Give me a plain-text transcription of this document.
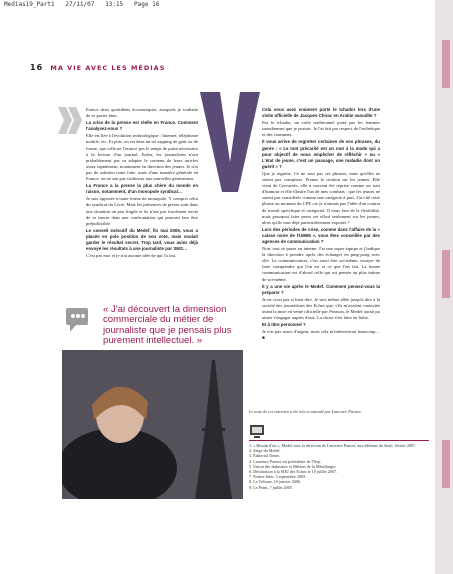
Medias19_Part1   27/11/07   13:15   Page 16
16 MA VIE AVEC LES MÉDIAS

France deux quotidiens économiques, auxquels je souhaite de se porter bien.

La crise de la presse est réelle en France. Comment l'analysez-vous ?

Elle est liée à l'évolution technologique : Internet, téléphonie mobile, etc. Et puis, on est dans un tel zapping de goût ou de forme, que celle ne l'avance pas le temps de puise nécessaire à la lecture d'un journal. Enfin, les journalistes n'ont probablement pas su adapter le contenu de leurs articles assez rapidement, notamment en direction des jeunes. Je n'ai pas de solution toute faite, mais d'une manière générale en France, on ne sait pas s'adresser aux nouvelles générations.

La France a la presse la plus chère du monde en raison, notamment, d'un monopole syndical…

Je suis opposée à toute forme de monopole. Y compris celui du syndicat du Livre. Mais les présences de presse sont dans une situation un peu fragile et ils n'ont pas forcément envie de se lancer dans une confrontation qui pourrait leur être préjudiciable.

Le conseil exécutif du Medef, fin mai 2005, vous a placée en pole position de son vote, mais voulait garder le résultat secret. Trop tard, vous aviez déjà envoyé les résultats à une journaliste par SMS…

C'est pas moi et je n'ai aucune idée de qui l'a fait.

Cela vous avez vraiment porté le tchador lors d'une visite officielle de Jacques Chirac en Arabie saoudite ?

Pas le tchador, un voile traditionnel porté par les femmes saoudiennes que je portais. Je l'ai fait par respect de l'esthétique et des coutumes.

Il vous arrive de regretter certaines de vos phrases, du genre : « Le mot précarité est un mot à la mode qui a pour objectif de nous empêcher de réfléchir » ou « L'état de jeune, c'est un passage, une maladie dont on guérit » ?

Que je regrette. Ce ne sont pas ces phrases, mais qu'elles ne soient pas comprises. Prenez la citation sur les jeunes. Elle vient de Cervantès, elle a souvent été reprise comme un trait d'humour et elle illustre l'un de mes combats : que les jeunes ne soient pas considérés comme une catégorie à part. J'ai cité cette phrase au moment du CPE car je n'aimais pas l'idée d'un contrat de travail spécifique et catégoriel. Il nous faut de la flexibilité, mais pourquoi faire peser cet effort seulement sur les jeunes, alors qu'ils sont déjà particulièrement exposés ?

Lors des périodes de crise, comme dans l'affaire de la « caisse noire de l'UIMM », vous êtes conseillée par des agences de communication ?

Non, tout se passe en interne. J'ai une super équipe et j'indique la direction à prendre après des échanges en ping-pong avec elle. La communication, c'est aussi être soi-même, essayer de faire comprendre qui l'on est et ce que l'on fait. La bonne communication est d'abord celle qui est pensée au plus intime de soi-même.

Il y a une vie après le Medef. Comment pensez-vous la préparer ?

Je ne crois pas si bien dire. Je suis même allée jusqu'à dire à la société des journalistes des Echos que, s'ils m'avaient contactée avant la mise en vente officielle par Pearson, le Medef aurait pu aimer s'engager auprès d'eux. La chose s'est faite en Italie.

Et à titre personnel ?

Je n'ai pas assez d'argent, mais cela m'intéresserait beaucoup… ■

« J'ai découvert la dimension commerciale du métier de journaliste que je pensais plus purement intellectuel. »
Le texte de cet entretien a été relu et amendé par Laurence Parisot.
1. « Besoin d'air », Medef sous la direction de Laurence Parisot, aux éditions du Seuil, février 2007.
2. Siège du Medef.
3. Éditorial Times.
4. Laurence Parisot est présidente de l'Ifop.
5. Union des Industries et Métiers de la Métallurgie.
6. Déclaration à la SIEJ des Echos le 10 juillet 2007.
7. France Inter, 3 septembre 2005.
8. La Tribune, 16 janvier 2006.
9. Le Point, 7 juillet 2005.
